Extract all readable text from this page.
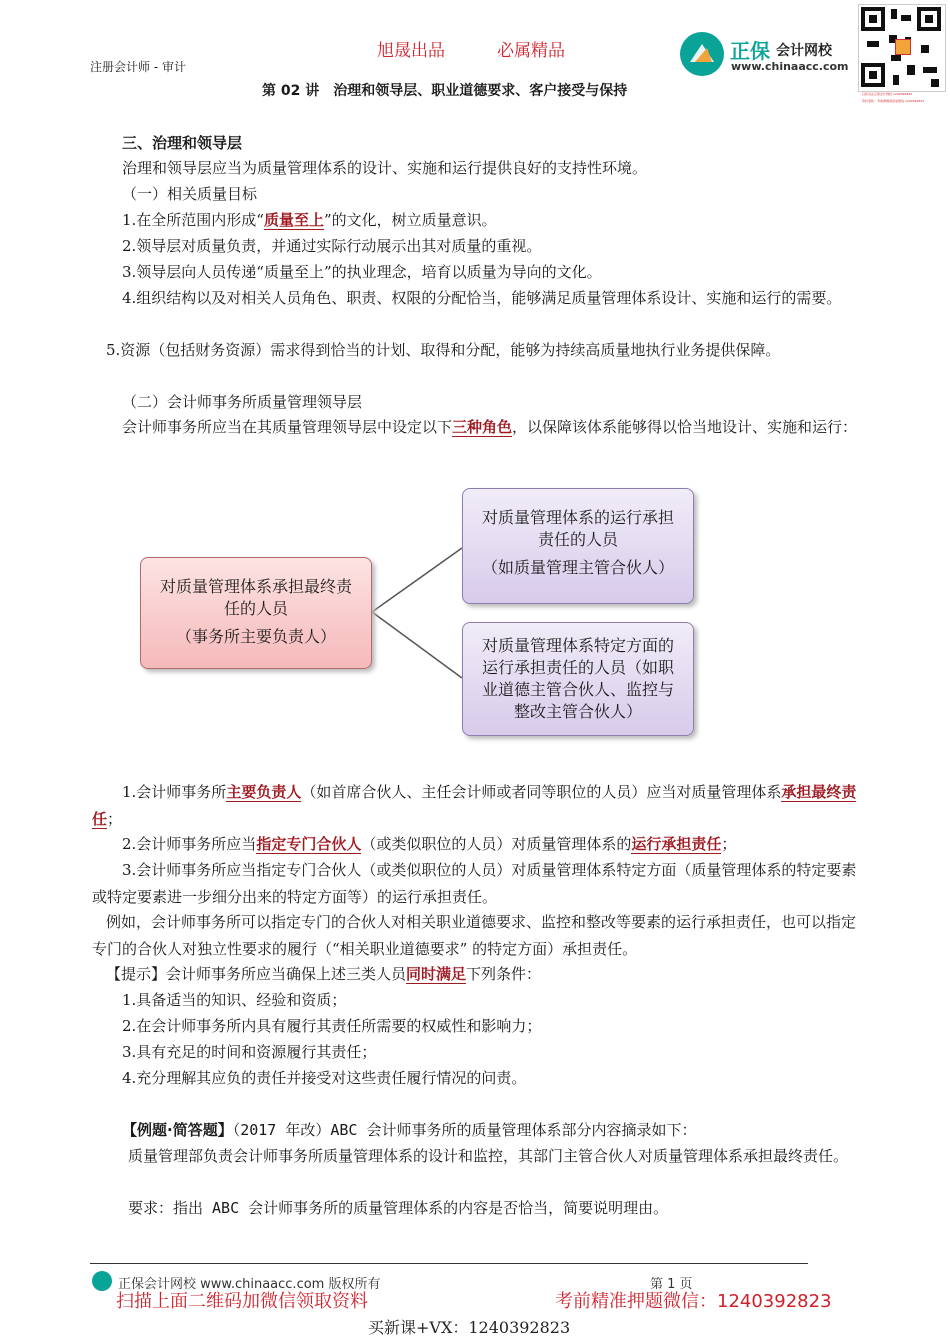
注册会计师 - 审计
旭晟出品	必属精品	正保 会计网校
www.chinaacc.com
扫码关注正保会计网校 12403928XX
资料更新、考前押题请添加微信 1240392823
第 02 讲　治理和领导层、职业道德要求、客户接受与保持
三、治理和领导层
治理和领导层应当为质量管理体系的设计、实施和运行提供良好的支持性环境。
（一）相关质量目标
1.在全所范围内形成“质量至上”的文化，树立质量意识。
2.领导层对质量负责，并通过实际行动展示出其对质量的重视。
3.领导层向人员传递“质量至上”的执业理念，培育以质量为导向的文化。
4.组织结构以及对相关人员角色、职责、权限的分配恰当，能够满足质量管理体系设计、实施和运行的需要。
5.资源（包括财务资源）需求得到恰当的计划、取得和分配，能够为持续高质量地执行业务提供保障。
（二）会计师事务所质量管理领导层
会计师事务所应当在其质量管理领导层中设定以下三种角色，以保障该体系能够得以恰当地设计、实施和运行：
对质量管理体系承担最终责
任的人员
（事务所主要负责人）
对质量管理体系的运行承担
责任的人员
（如质量管理主管合伙人）
对质量管理体系特定方面的
运行承担责任的人员（如职
业道德主管合伙人、监控与
整改主管合伙人）
1.会计师事务所主要负责人（如首席合伙人、主任会计师或者同等职位的人员）应当对质量管理体系承担最终责任；
2.会计师事务所应当指定专门合伙人（或类似职位的人员）对质量管理体系的运行承担责任；
3.会计师事务所应当指定专门合伙人（或类似职位的人员）对质量管理体系特定方面（质量管理体系的特定要素或特定要素进一步细分出来的特定方面等）的运行承担责任。
例如，会计师事务所可以指定专门的合伙人对相关职业道德要求、监控和整改等要素的运行承担责任，也可以指定专门的合伙人对独立性要求的履行（“相关职业道德要求” 的特定方面）承担责任。
【提示】会计师事务所应当确保上述三类人员同时满足下列条件：
1.具备适当的知识、经验和资质；
2.在会计师事务所内具有履行其责任所需要的权威性和影响力；
3.具有充足的时间和资源履行其责任；
4.充分理解其应负的责任并接受对这些责任履行情况的问责。
【例题·简答题】（2017 年改）ABC 会计师事务所的质量管理体系部分内容摘录如下：
质量管理部负责会计师事务所质量管理体系的设计和监控，其部门主管合伙人对质量管理体系承担最终责任。
要求：指出 ABC 会计师事务所的质量管理体系的内容是否恰当，简要说明理由。
正保会计网校 www.chinaacc.com 版权所有	第 1 页
扫描上面二维码加微信领取资料	考前精准押题微信：1240392823
买新课+VX：1240392823
